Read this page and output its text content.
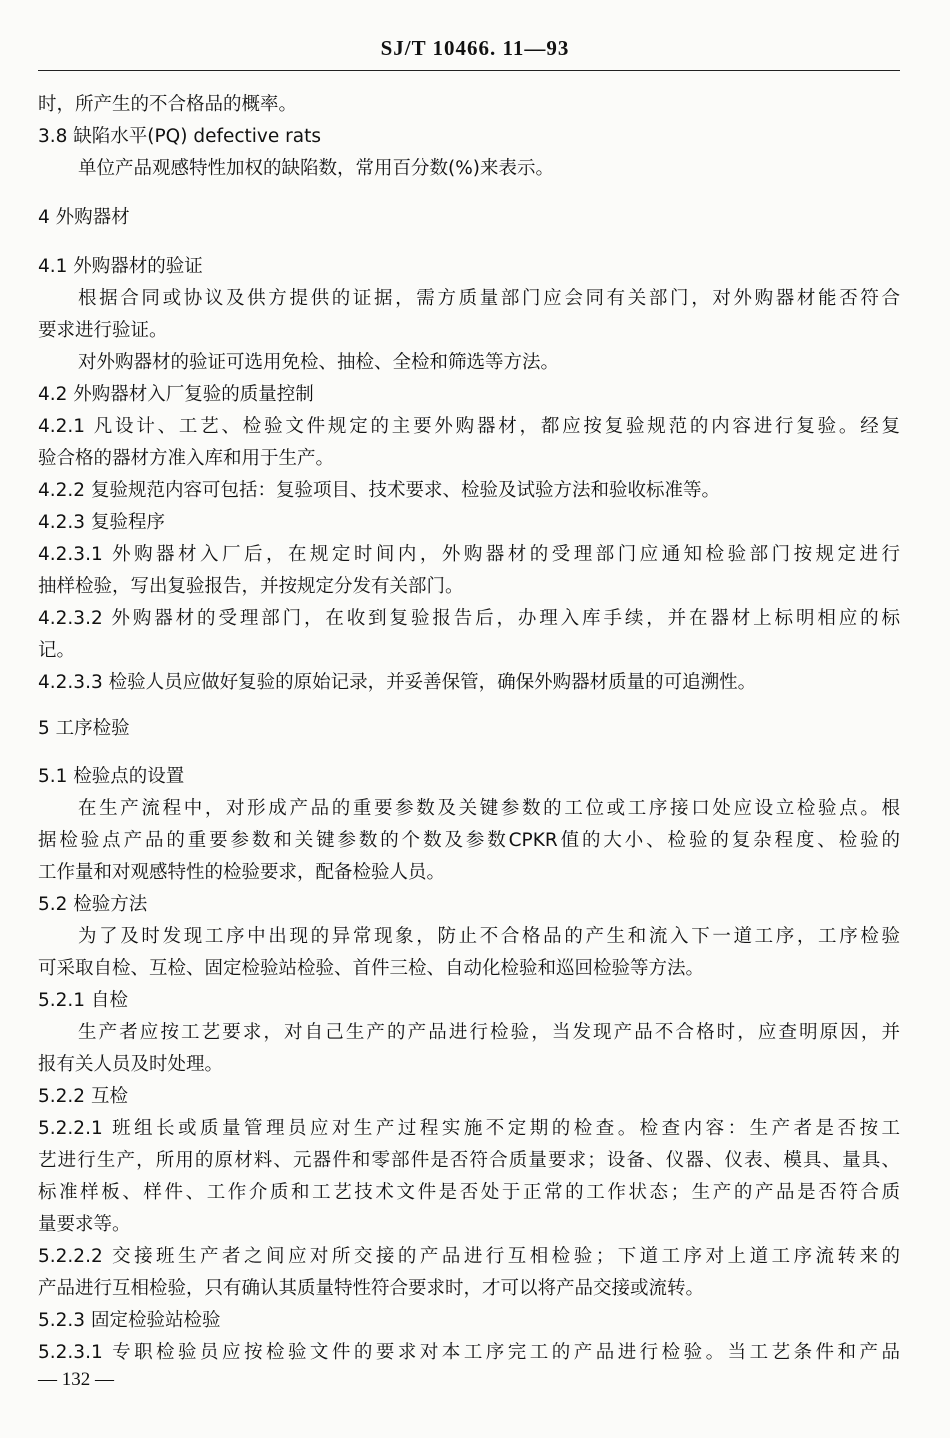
SJ/T 10466. 11—93
时，所产生的不合格品的概率。
3.8 缺陷水平(PQ) defective rats
单位产品观感特性加权的缺陷数，常用百分数(%)来表示。
4 外购器材
4.1 外购器材的验证
根据合同或协议及供方提供的证据，需方质量部门应会同有关部门，对外购器材能否符合
要求进行验证。
对外购器材的验证可选用免检、抽检、全检和筛选等方法。
4.2 外购器材入厂复验的质量控制
4.2.1 凡设计、工艺、检验文件规定的主要外购器材，都应按复验规范的内容进行复验。经复
验合格的器材方准入库和用于生产。
4.2.2 复验规范内容可包括：复验项目、技术要求、检验及试验方法和验收标准等。
4.2.3 复验程序
4.2.3.1 外购器材入厂后，在规定时间内，外购器材的受理部门应通知检验部门按规定进行
抽样检验，写出复验报告，并按规定分发有关部门。
4.2.3.2 外购器材的受理部门，在收到复验报告后，办理入库手续，并在器材上标明相应的标
记。
4.2.3.3 检验人员应做好复验的原始记录，并妥善保管，确保外购器材质量的可追溯性。
5 工序检验
5.1 检验点的设置
在生产流程中，对形成产品的重要参数及关键参数的工位或工序接口处应设立检验点。根
据检验点产品的重要参数和关键参数的个数及参数CPKR值的大小、检验的复杂程度、检验的
工作量和对观感特性的检验要求，配备检验人员。
5.2 检验方法
为了及时发现工序中出现的异常现象，防止不合格品的产生和流入下一道工序，工序检验
可采取自检、互检、固定检验站检验、首件三检、自动化检验和巡回检验等方法。
5.2.1 自检
生产者应按工艺要求，对自己生产的产品进行检验，当发现产品不合格时，应查明原因，并
报有关人员及时处理。
5.2.2 互检
5.2.2.1 班组长或质量管理员应对生产过程实施不定期的检查。检查内容：生产者是否按工
艺进行生产，所用的原材料、元器件和零部件是否符合质量要求；设备、仪器、仪表、模具、量具、
标准样板、样件、工作介质和工艺技术文件是否处于正常的工作状态；生产的产品是否符合质
量要求等。
5.2.2.2 交接班生产者之间应对所交接的产品进行互相检验；下道工序对上道工序流转来的
产品进行互相检验，只有确认其质量特性符合要求时，才可以将产品交接或流转。
5.2.3 固定检验站检验
5.2.3.1 专职检验员应按检验文件的要求对本工序完工的产品进行检验。当工艺条件和产品
— 132 —
